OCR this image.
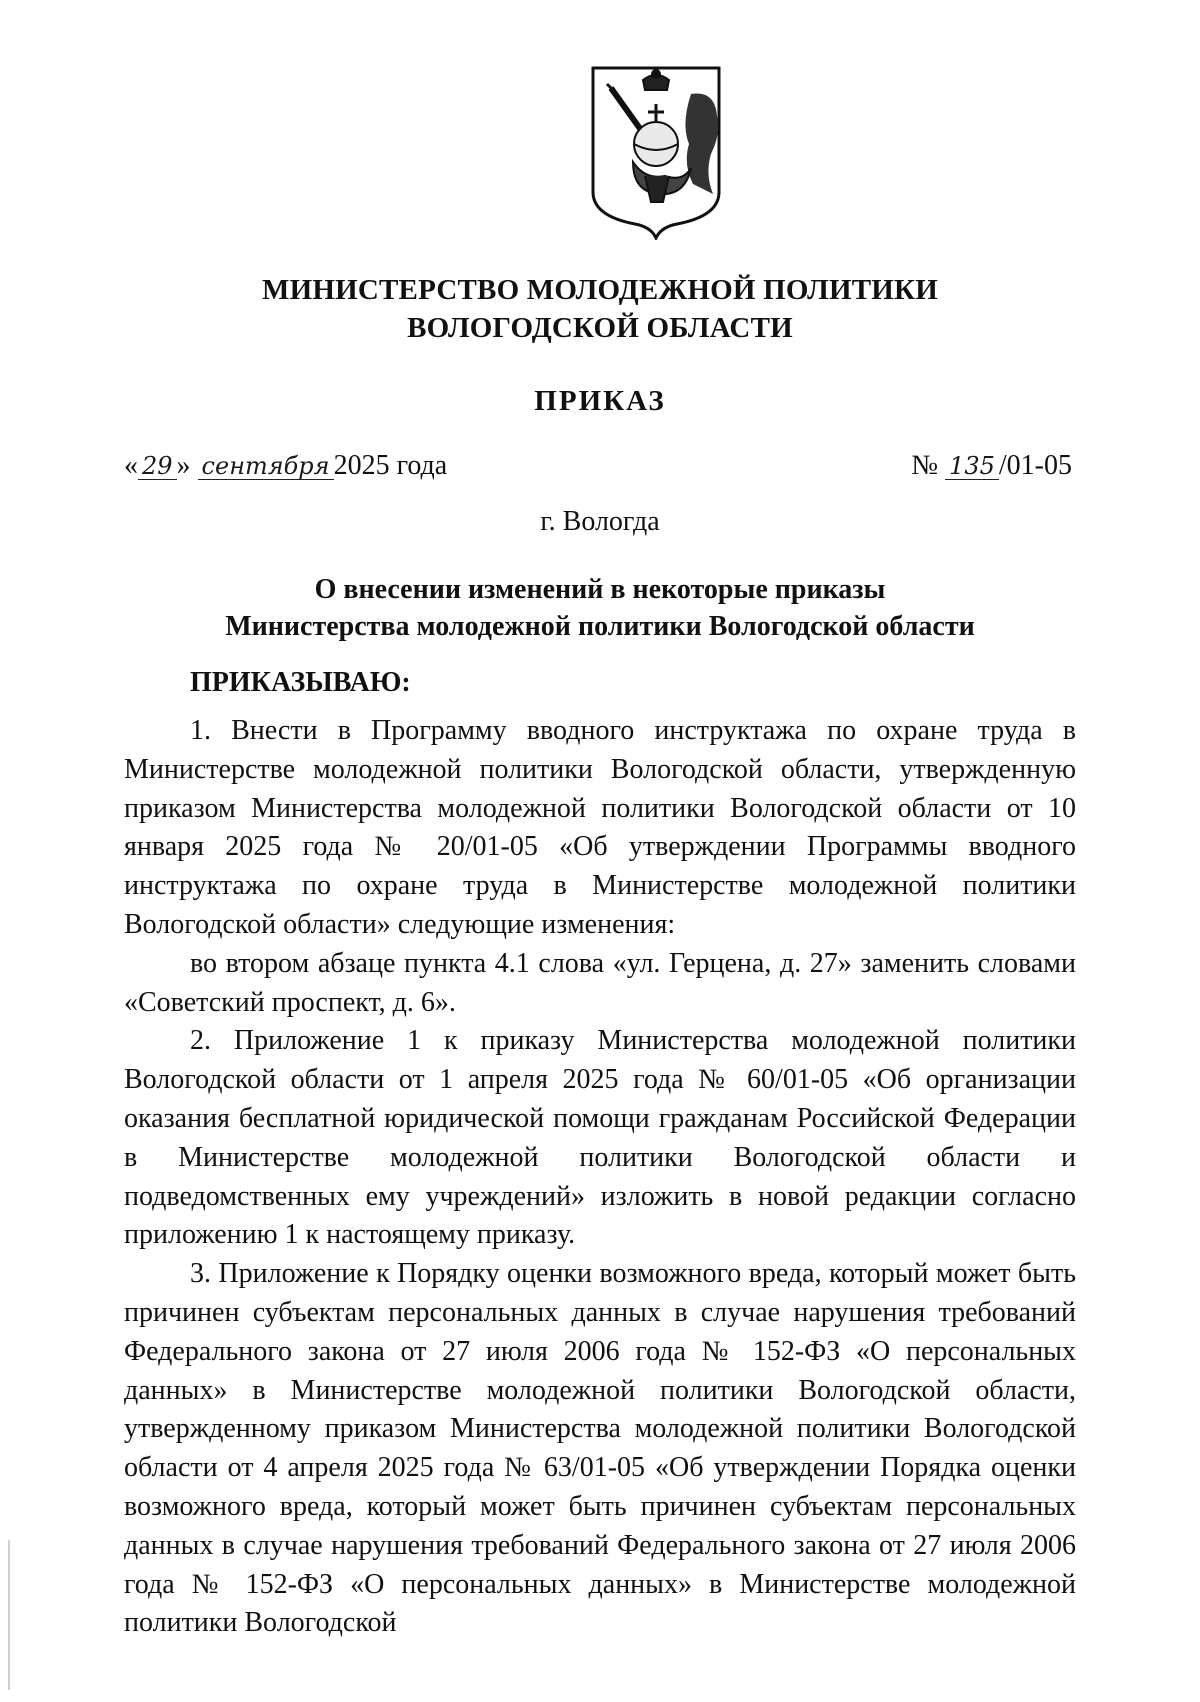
МИНИСТЕРСТВО МОЛОДЕЖНОЙ ПОЛИТИКИ
ВОЛОГОДСКОЙ ОБЛАСТИ
ПРИКАЗ
« 29 » сентября 2025 года	№ 135 /01-05
г. Вологда
О внесении изменений в некоторые приказы
Министерства молодежной политики Вологодской области
ПРИКАЗЫВАЮ:

1. Внести в Программу вводного инструктажа по охране труда в Министерстве молодежной политики Вологодской области, утвержденную приказом Министерства молодежной политики Вологодской области от 10 января 2025 года № 20/01-05 «Об утверждении Программы вводного инструктажа по охране труда в Министерстве молодежной политики Вологодской области» следующие изменения:

во втором абзаце пункта 4.1 слова «ул. Герцена, д. 27» заменить словами «Советский проспект, д. 6».

2. Приложение 1 к приказу Министерства молодежной политики Вологодской области от 1 апреля 2025 года № 60/01-05 «Об организации оказания бесплатной юридической помощи гражданам Российской Федерации в Министерстве молодежной политики Вологодской области и подведомственных ему учреждений» изложить в новой редакции согласно приложению 1 к настоящему приказу.

3. Приложение к Порядку оценки возможного вреда, который может быть причинен субъектам персональных данных в случае нарушения требований Федерального закона от 27 июля 2006 года № 152-ФЗ «О персональных данных» в Министерстве молодежной политики Вологодской области, утвержденному приказом Министерства молодежной политики Вологодской области от 4 апреля 2025 года № 63/01-05 «Об утверждении Порядка оценки возможного вреда, который может быть причинен субъектам персональных данных в случае нарушения требований Федерального закона от 27 июля 2006 года № 152-ФЗ «О персональных данных» в Министерстве молодежной политики Вологодской
